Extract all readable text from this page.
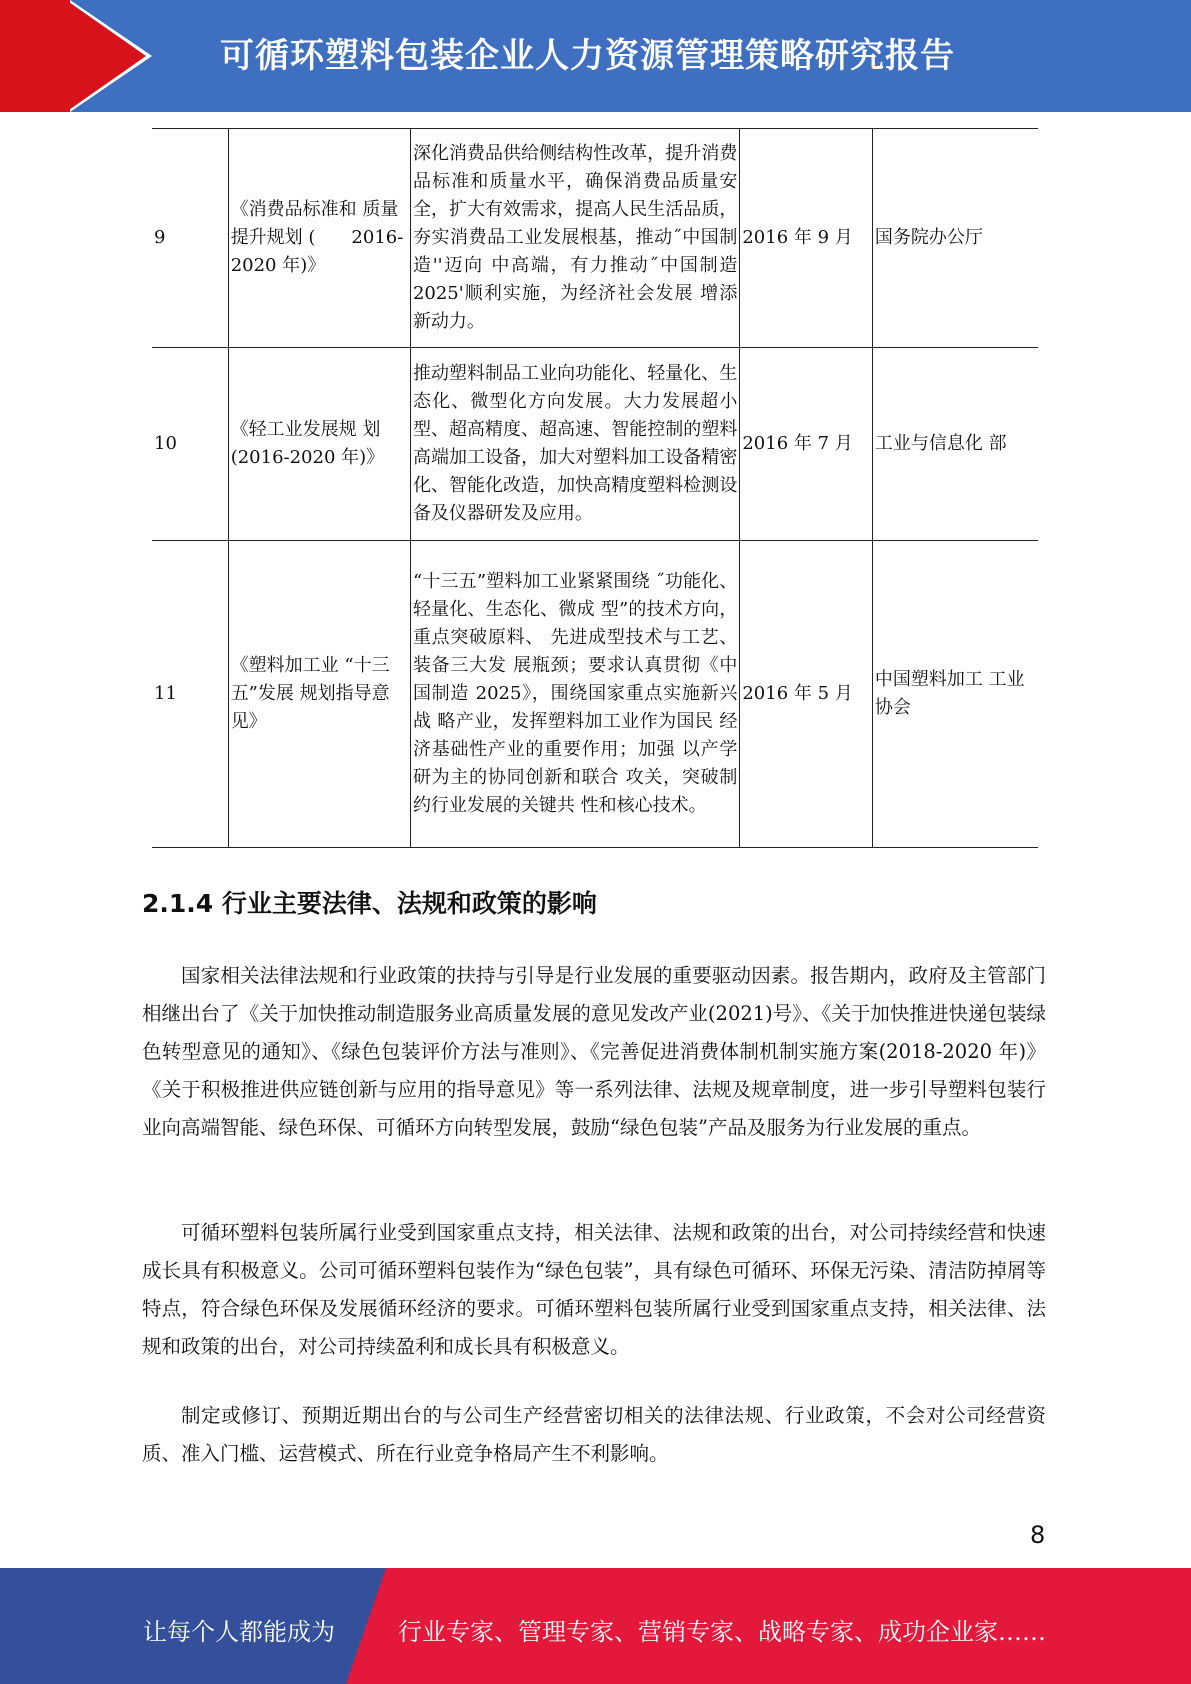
可循环塑料包装企业人力资源管理策略研究报告
9	《消费品标准和 质量提升规划 (　　2016-2020 年)》	深化消费品供给侧结构性改革，提升消费品标准和质量水平，确保消费品质量安全，扩大有效需求，提高人民生活品质，夯实消费品工业发展根基，推动˝中国制造''迈向 中高端，有力推动˝中国制造 2025'顺利实施，为经济社会发展 增添新动力。	2016 年 9 月	国务院办公厅
10	《轻工业发展规 划 (2016-2020 年)》	推动塑料制品工业向功能化、轻量化、生态化、微型化方向发展。大力发展超小型、超高精度、超高速、智能控制的塑料高端加工设备，加大对塑料加工设备精密化、智能化改造，加快高精度塑料检测设备及仪器研发及应用。	2016 年 7 月	工业与信息化 部
11	《塑料加工业 “十三五”发展 规划指导意见》	“十三五”塑料加工业紧紧围绕 ˝功能化、轻量化、生态化、微成 型”的技术方向，重点突破原料、 先进成型技术与工艺、装备三大发 展瓶颈；要求认真贯彻《中国制造 2025》，围绕国家重点实施新兴战 略产业，发挥塑料加工业作为国民 经济基础性产业的重要作用；加强 以产学研为主的协同创新和联合 攻关，突破制约行业发展的关键共 性和核心技术。	2016 年 5 月	中国塑料加工 工业协会
2.1.4 行业主要法律、法规和政策的影响
国家相关法律法规和行业政策的扶持与引导是行业发展的重要驱动因素。报告期内，政府及主管部门相继出台了《关于加快推动制造服务业高质量发展的意见发改产业(2021)号》、《关于加快推进快递包装绿色转型意见的通知》、《绿色包装评价方法与准则》、《完善促进消费体制机制实施方案(2018-2020 年)》《关于积极推进供应链创新与应用的指导意见》等一系列法律、法规及规章制度，进一步引导塑料包装行业向高端智能、绿色环保、可循环方向转型发展，鼓励“绿色包装”产品及服务为行业发展的重点。
可循环塑料包装所属行业受到国家重点支持，相关法律、法规和政策的出台，对公司持续经营和快速成长具有积极意义。公司可循环塑料包装作为“绿色包装”，具有绿色可循环、环保无污染、清洁防掉屑等特点，符合绿色环保及发展循环经济的要求。可循环塑料包装所属行业受到国家重点支持，相关法律、法规和政策的出台，对公司持续盈利和成长具有积极意义。
制定或修订、预期近期出台的与公司生产经营密切相关的法律法规、行业政策，不会对公司经营资质、准入门槛、运营模式、所在行业竞争格局产生不利影响。
8
让每个人都能成为	行业专家、管理专家、营销专家、战略专家、成功企业家……
